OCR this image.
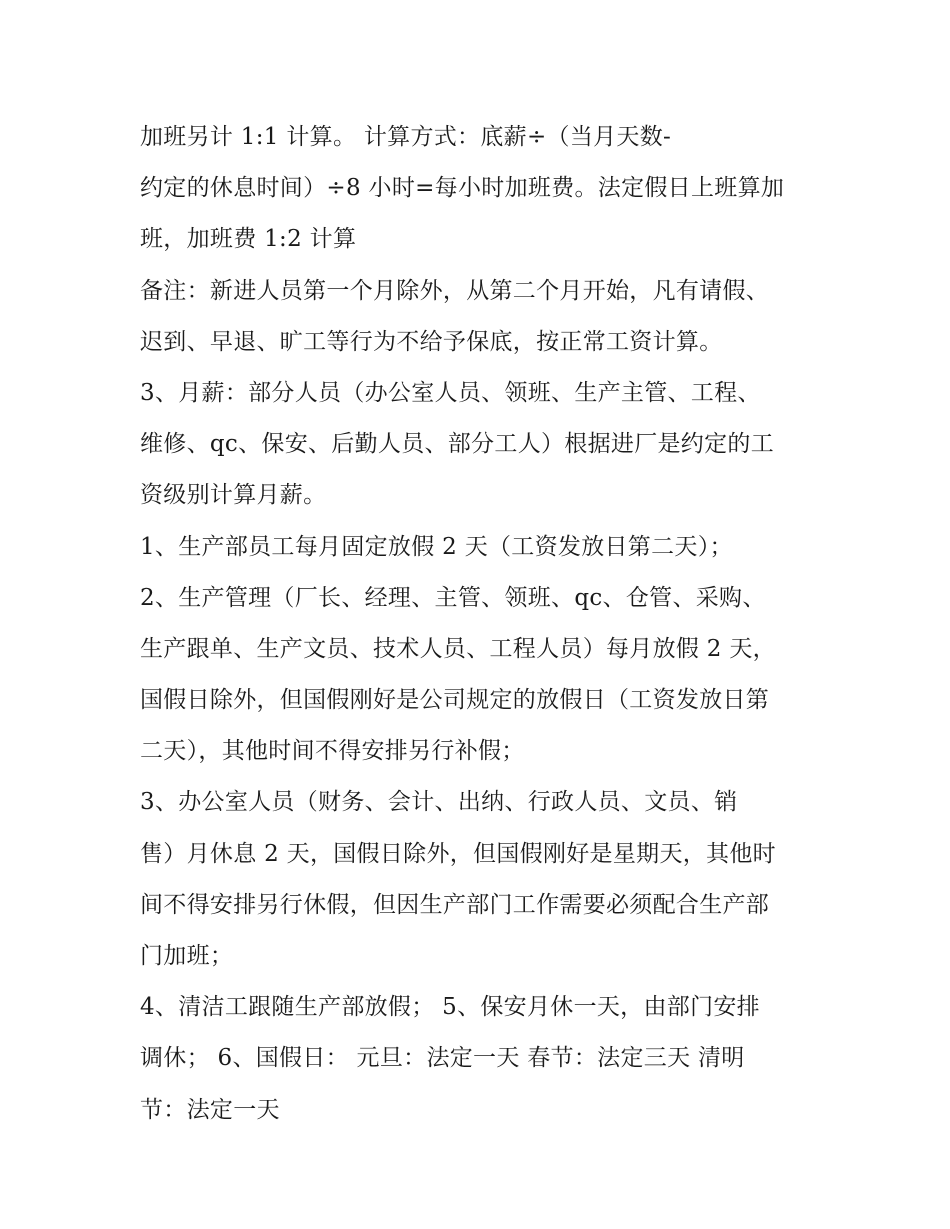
加班另计 1:1 计算。 计算方式：底薪÷（当月天数-
约定的休息时间）÷8 小时=每小时加班费。法定假日上班算加
班，加班费 1:2 计算
备注：新进人员第一个月除外，从第二个月开始，凡有请假、
迟到、早退、旷工等行为不给予保底，按正常工资计算。
3、月薪：部分人员（办公室人员、领班、生产主管、工程、
维修、qc、保安、后勤人员、部分工人）根据进厂是约定的工
资级别计算月薪。
1、生产部员工每月固定放假 2 天（工资发放日第二天）；
2、生产管理（厂长、经理、主管、领班、qc、仓管、采购、
生产跟单、生产文员、技术人员、工程人员）每月放假 2 天，
国假日除外，但国假刚好是公司规定的放假日（工资发放日第
二天），其他时间不得安排另行补假；
3、办公室人员（财务、会计、出纳、行政人员、文员、销
售）月休息 2 天，国假日除外，但国假刚好是星期天，其他时
间不得安排另行休假，但因生产部门工作需要必须配合生产部
门加班；
4、清洁工跟随生产部放假； 5、保安月休一天，由部门安排
调休； 6、国假日： 元旦：法定一天 春节：法定三天 清明
节：法定一天
